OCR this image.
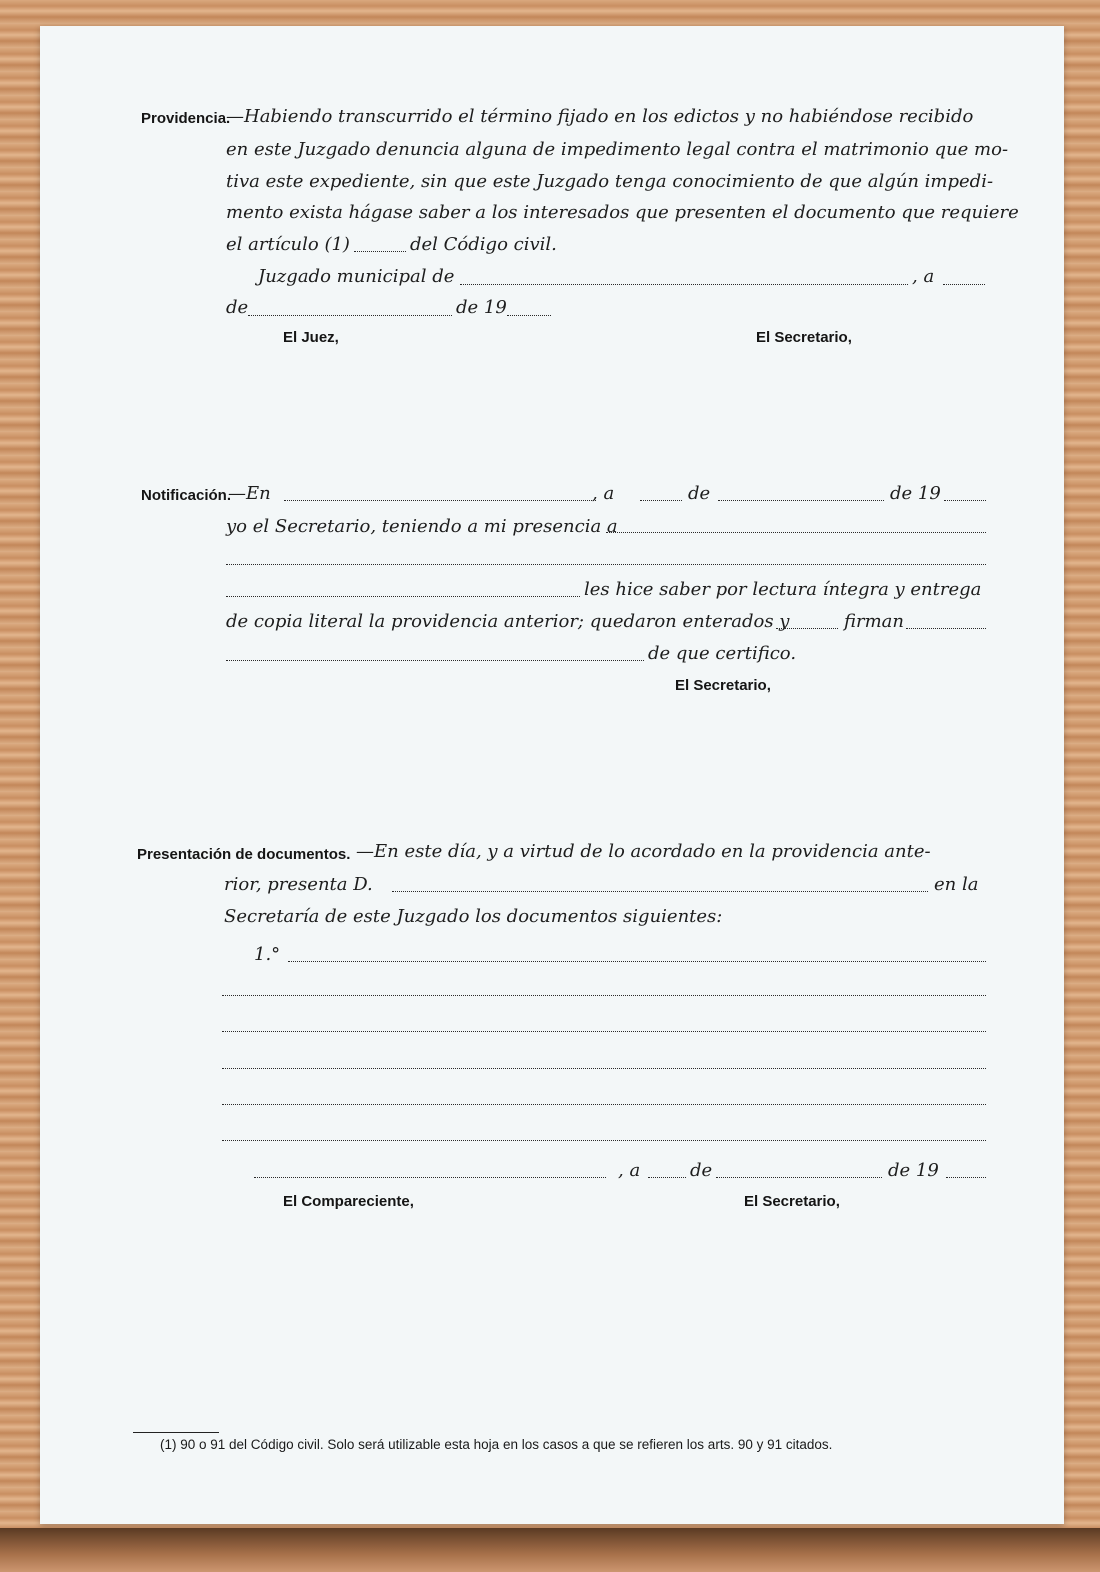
Providencia.
—Habiendo transcurrido el término fijado en los edictos y no habiéndose recibido
en este Juzgado denuncia alguna de impedimento legal contra el matrimonio que mo-
tiva este expediente, sin que este Juzgado tenga conocimiento de que algún impedi-
mento exista hágase saber a los interesados que presenten el documento que requiere
el artículo (1)	del Código civil.
Juzgado municipal de	, a
de	de 19
El Juez,	El Secretario,
Notificación.
—En	, a	de	de 19
yo el Secretario, teniendo a mi presencia a
les hice saber por lectura íntegra y entrega
de copia literal la providencia anterior; quedaron enterados y	firman
de que certifico.
El Secretario,
Presentación de documentos. —En este día, y a virtud de lo acordado en la providencia ante-
rior, presenta D.	en la
Secretaría de este Juzgado los documentos siguientes:
1.°
, a	de	de 19
El Compareciente,	El Secretario,
(1) 90 o 91 del Código civil. Solo será utilizable esta hoja en los casos a que se refieren los arts. 90 y 91 citados.
